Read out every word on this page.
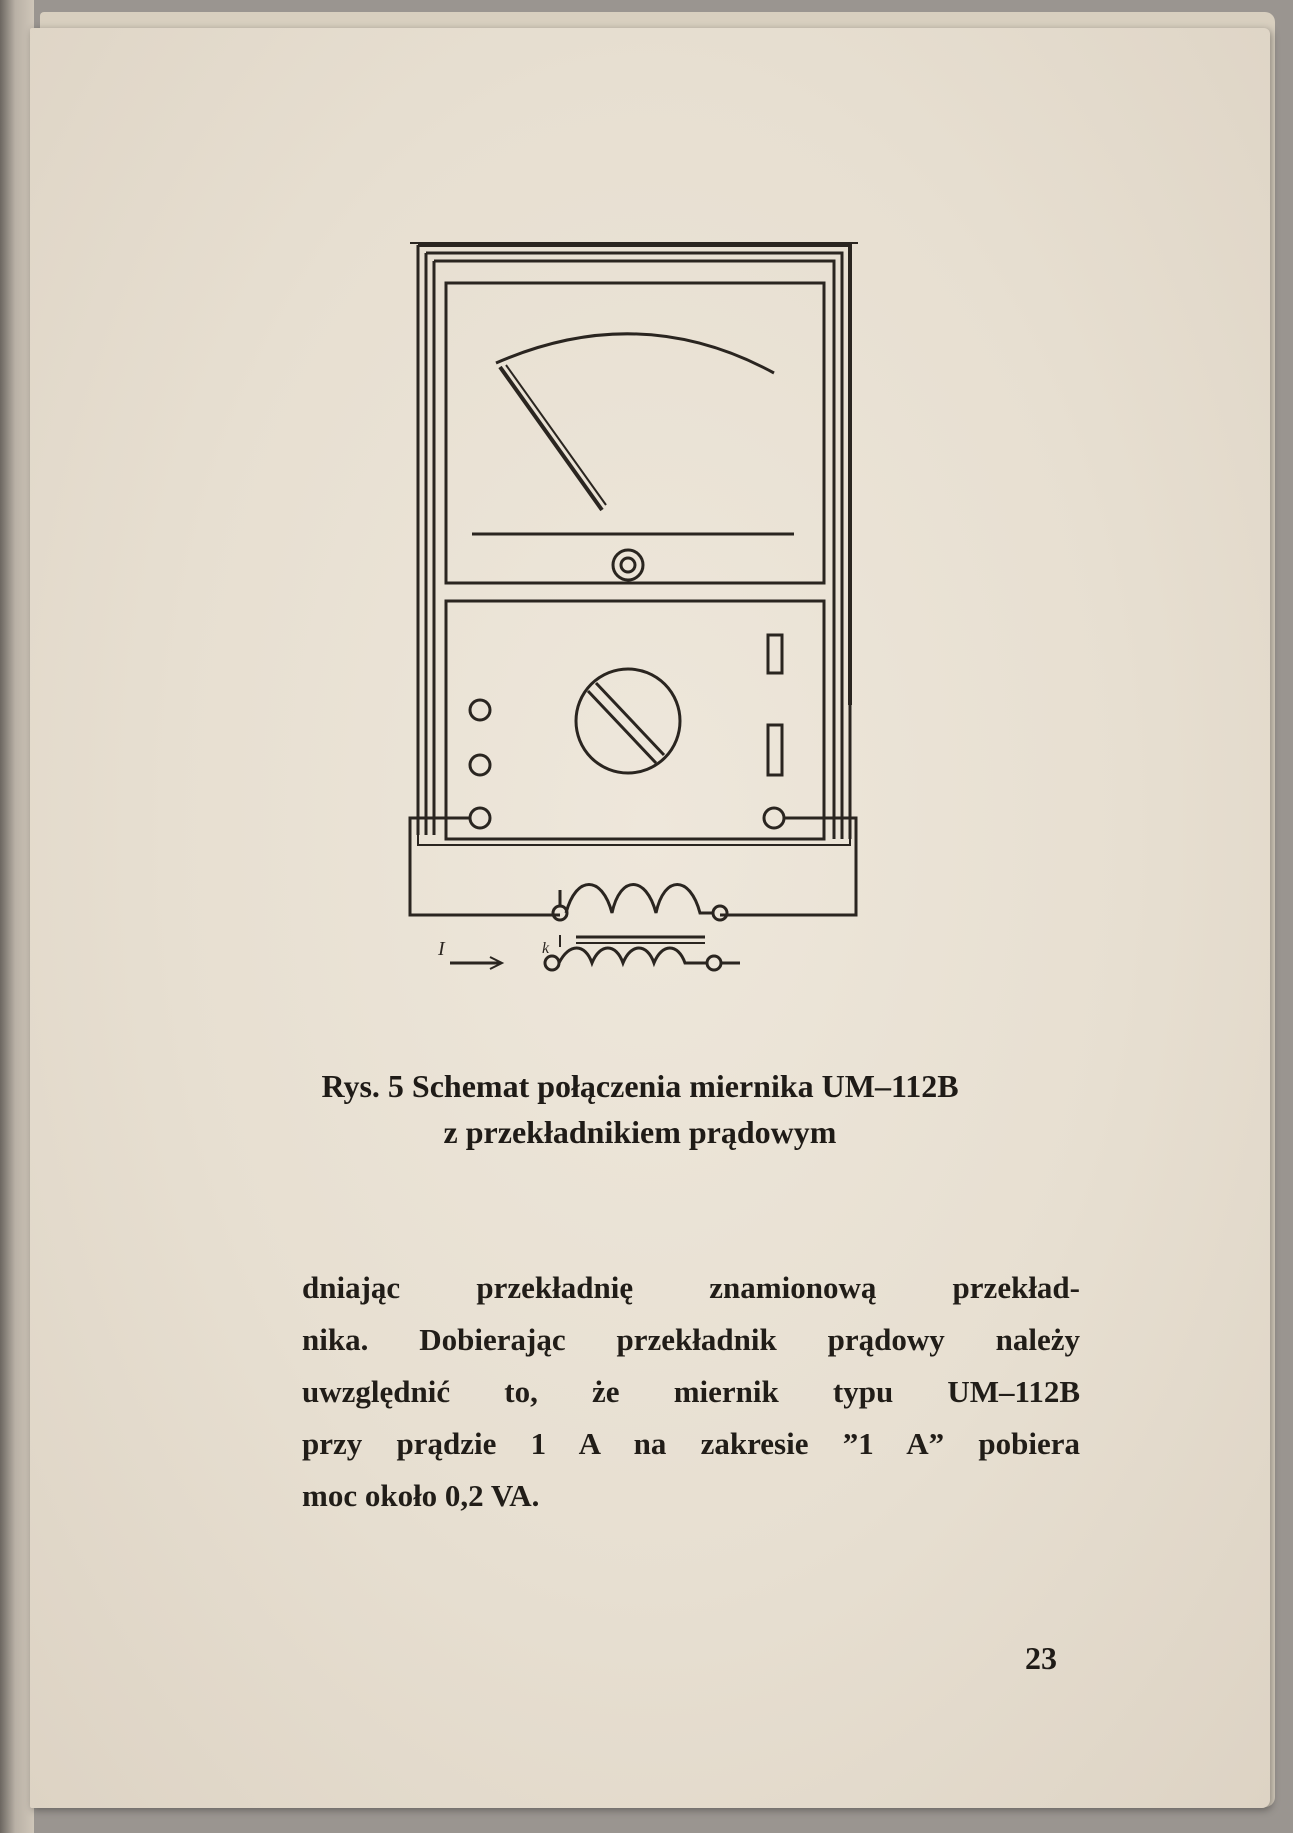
I	k
Rys. 5 Schemat połączenia miernika UM–112B
z przekładnikiem prądowym
dniając przekładnię znamionową przekład-
nika. Dobierając przekładnik prądowy należy
uwzględnić to, że miernik typu UM–112B
przy prądzie 1 A na zakresie ”1 A” pobiera
moc około 0,2 VA.
23
